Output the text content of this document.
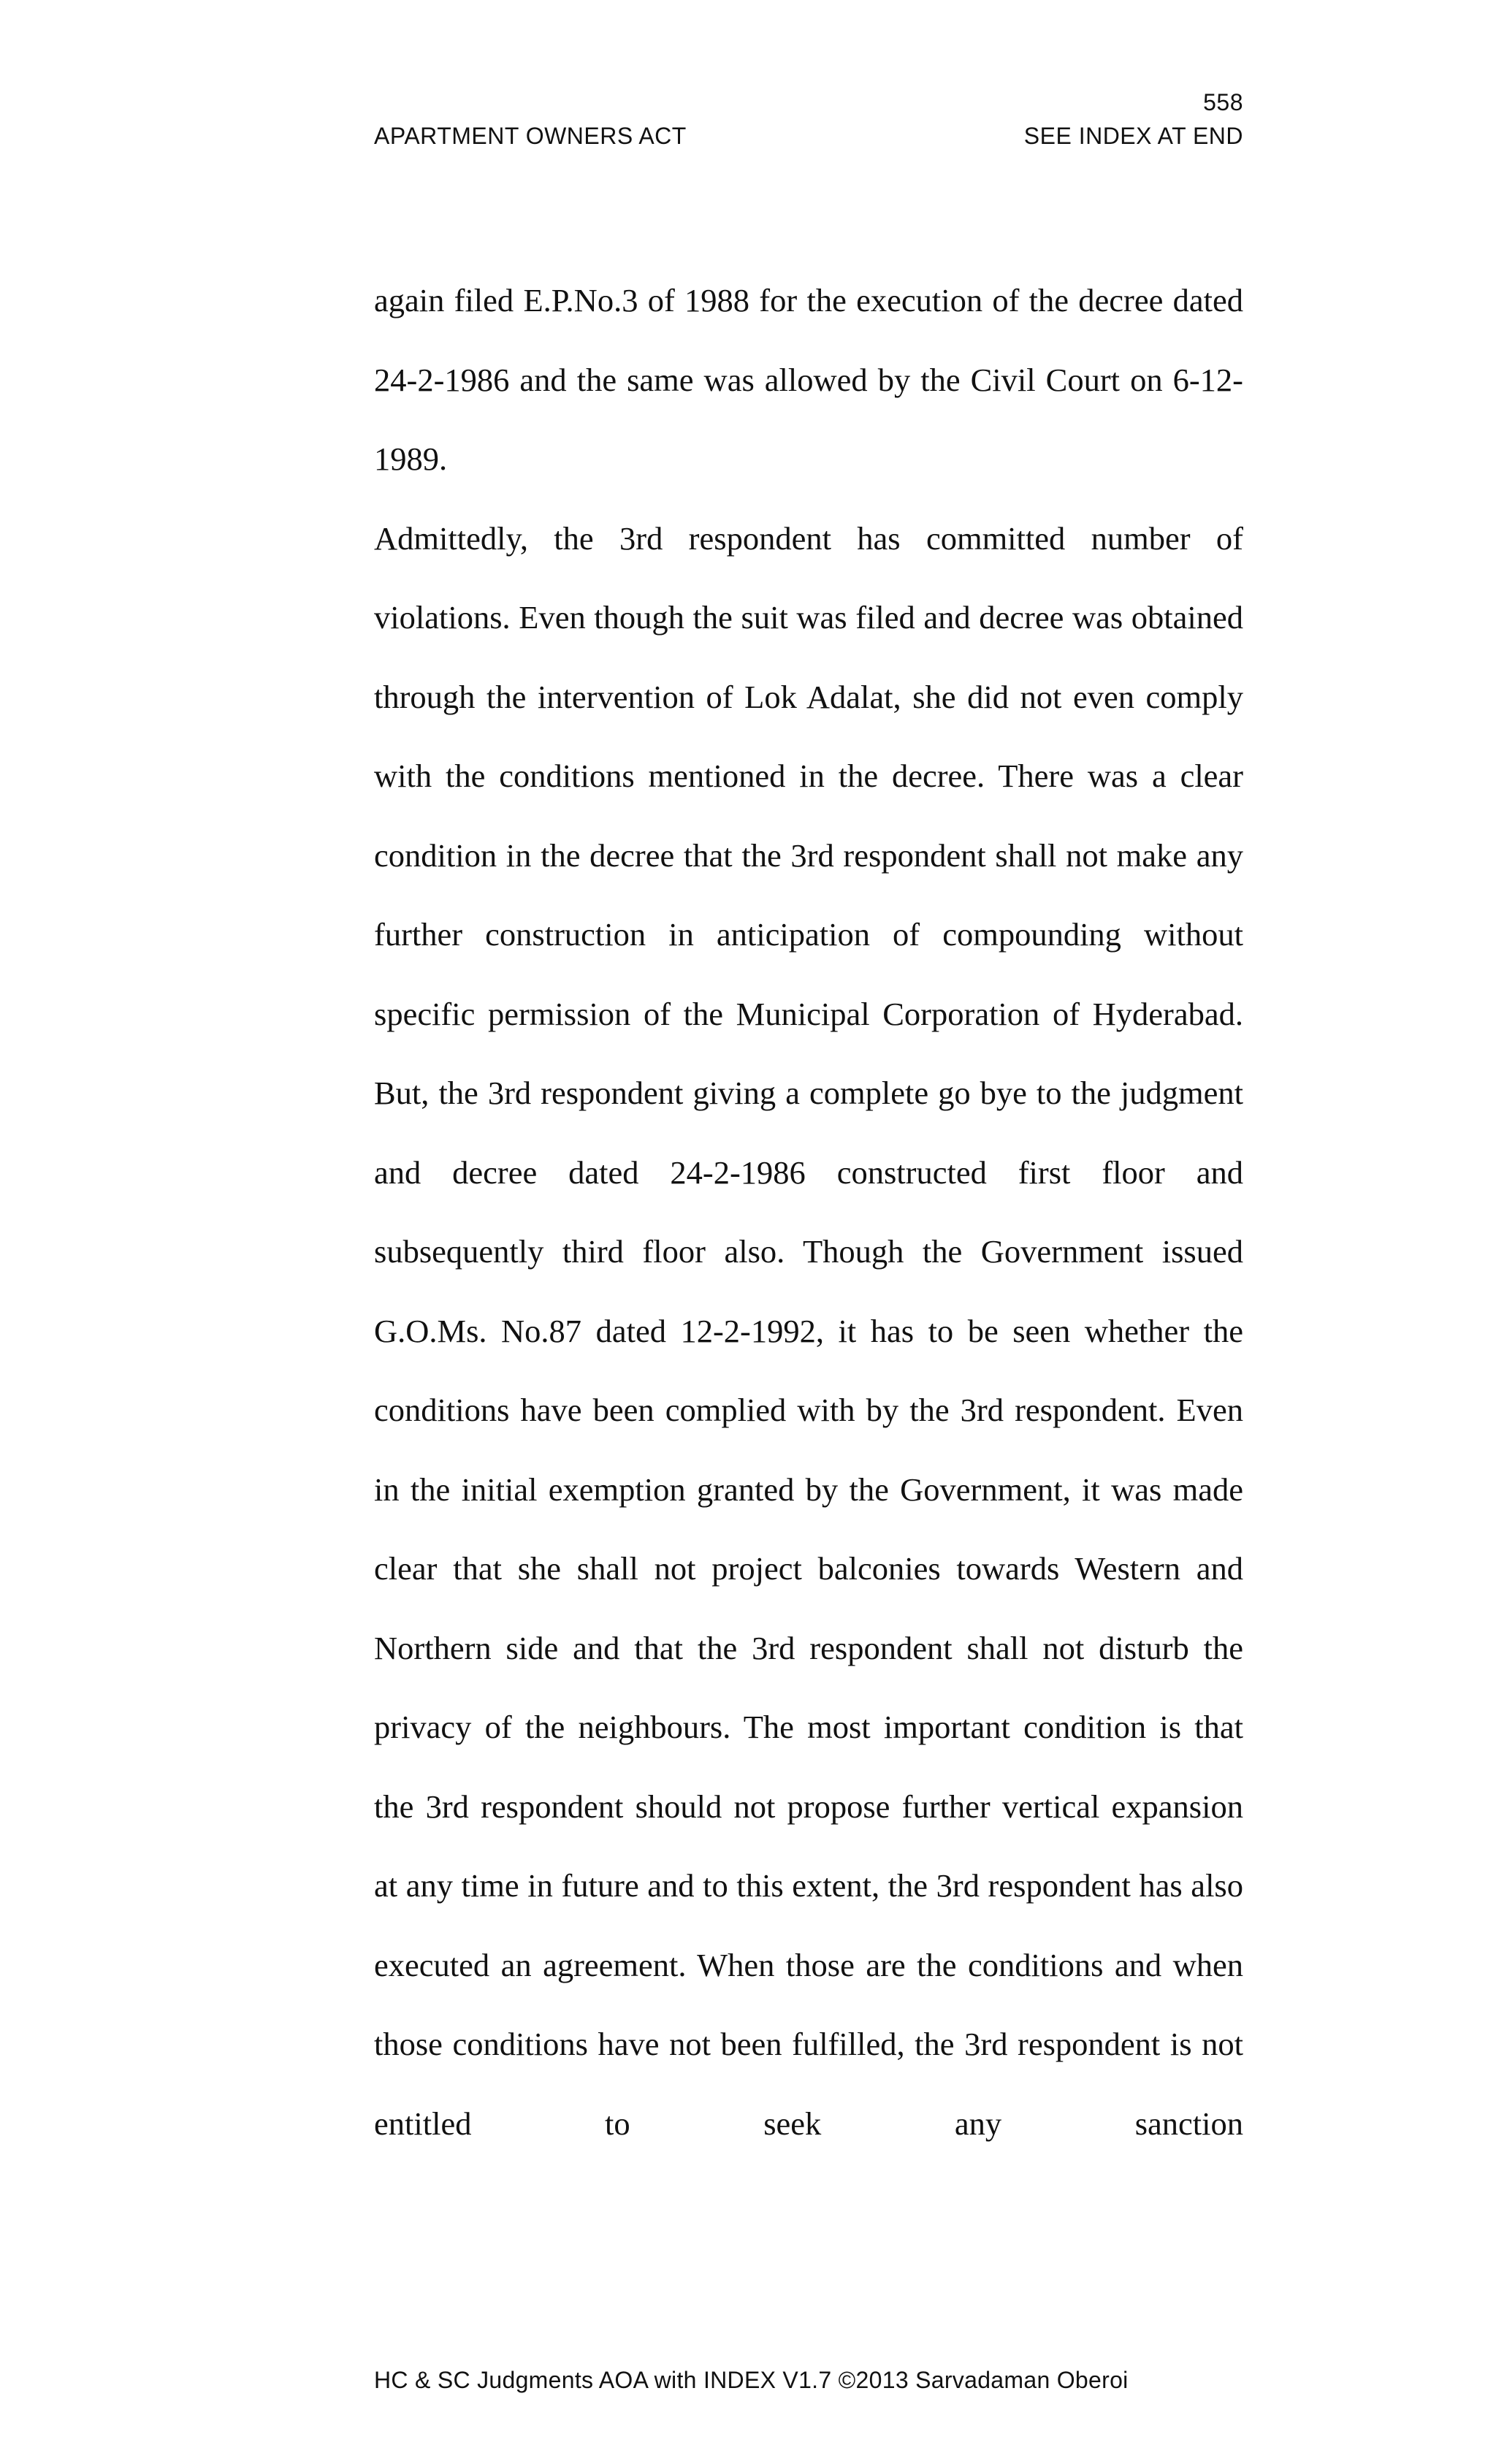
558
APARTMENT OWNERS ACT	SEE INDEX AT END

again filed E.P.No.3 of 1988 for the execution of the decree dated 24-2-1986 and the same was allowed by the Civil Court on 6-12-1989.

Admittedly, the 3rd respondent has committed number of violations. Even though the suit was filed and decree was obtained through the intervention of Lok Adalat, she did not even comply with the conditions mentioned in the decree. There was a clear condition in the decree that the 3rd respondent shall not make any further construction in anticipation of compounding without specific permission of the Municipal Corporation of Hyderabad. But, the 3rd respondent giving a complete go bye to the judgment and decree dated 24-2-1986 constructed first floor and subsequently third floor also. Though the Government issued G.O.Ms. No.87 dated 12-2-1992, it has to be seen whether the conditions have been complied with by the 3rd respondent. Even in the initial exemption granted by the Government, it was made clear that she shall not project balconies towards Western and Northern side and that the 3rd respondent shall not disturb the privacy of the neighbours. The most important condition is that the 3rd respondent should not propose further vertical expansion at any time in future and to this extent, the 3rd respondent has also executed an agreement. When those are the conditions and when those conditions have not been fulfilled, the 3rd respondent is not entitled to seek any sanction

HC & SC Judgments AOA with INDEX V1.7 ©2013 Sarvadaman Oberoi
